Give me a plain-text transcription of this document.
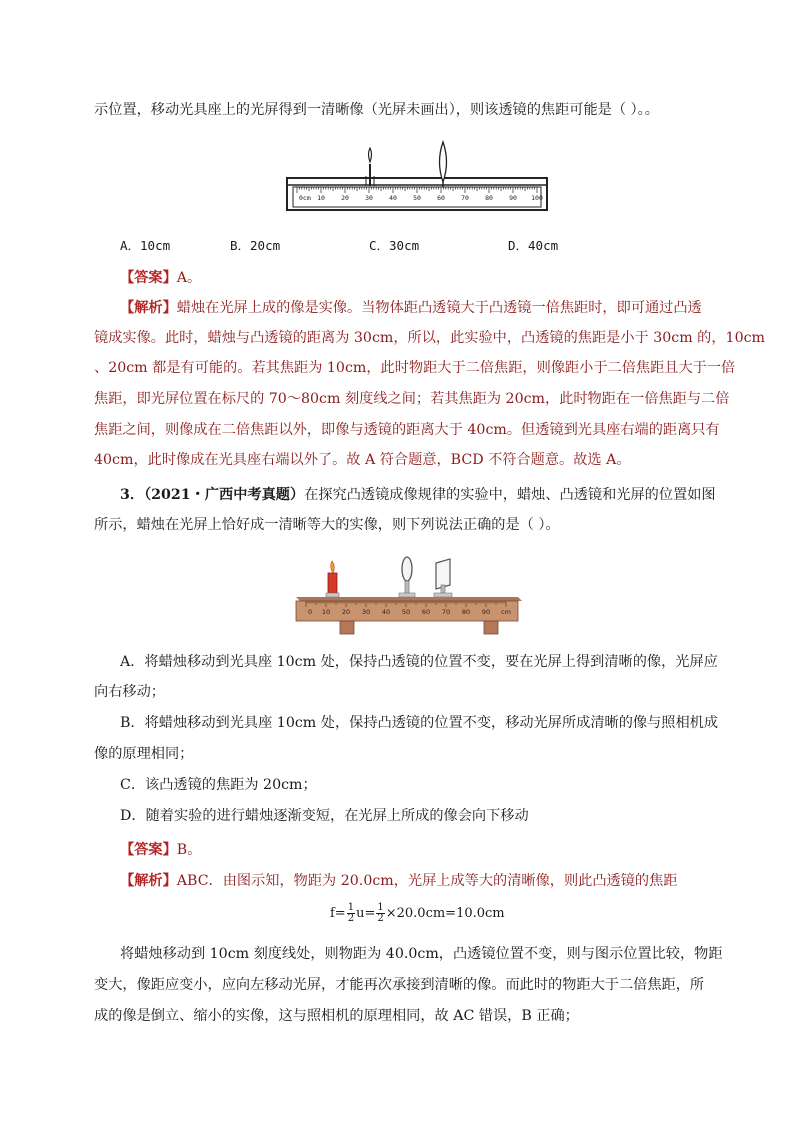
示位置，移动光具座上的光屏得到一清晰像（光屏未画出），则该透镜的焦距可能是（ ）。。
0cm 10 20 30 40 50 60 70 80 90 100
A．10cm	B．20cm	C．30cm	D．40cm
【答案】A。
【解析】蜡烛在光屏上成的像是实像。当物体距凸透镜大于凸透镜一倍焦距时，即可通过凸透
镜成实像。此时，蜡烛与凸透镜的距离为 30cm，所以，此实验中，凸透镜的焦距是小于 30cm 的，10cm
、20cm 都是有可能的。若其焦距为 10cm，此时物距大于二倍焦距，则像距小于二倍焦距且大于一倍
焦距，即光屏位置在标尺的 70～80cm 刻度线之间；若其焦距为 20cm，此时物距在一倍焦距与二倍
焦距之间，则像成在二倍焦距以外，即像与透镜的距离大于 40cm。但透镜到光具座右端的距离只有
40cm，此时像成在光具座右端以外了。故 A 符合题意，BCD 不符合题意。故选 A。
3．（2021・广西中考真题）在探究凸透镜成像规律的实验中，蜡烛、凸透镜和光屏的位置如图
所示，蜡烛在光屏上恰好成一清晰等大的实像，则下列说法正确的是（ ）。
0 10 20 30 40 50 60 70 80 90 cm
A．将蜡烛移动到光具座 10cm 处，保持凸透镜的位置不变，要在光屏上得到清晰的像，光屏应
向右移动；
B．将蜡烛移动到光具座 10cm 处，保持凸透镜的位置不变，移动光屏所成清晰的像与照相机成
像的原理相同；
C．该凸透镜的焦距为 20cm；
D．随着实验的进行蜡烛逐渐变短，在光屏上所成的像会向下移动
【答案】B。
【解析】ABC．由图示知，物距为 20.0cm，光屏上成等大的清晰像，则此凸透镜的焦距
$f= \frac{1}{2} u= \frac{1}{2} \times 20.0cm=10.0cm$
将蜡烛移动到 10cm 刻度线处，则物距为 40.0cm，凸透镜位置不变，则与图示位置比较，物距
变大，像距应变小，应向左移动光屏，才能再次承接到清晰的像。而此时的物距大于二倍焦距，所
成的像是倒立、缩小的实像，这与照相机的原理相同，故 AC 错误，B 正确；
